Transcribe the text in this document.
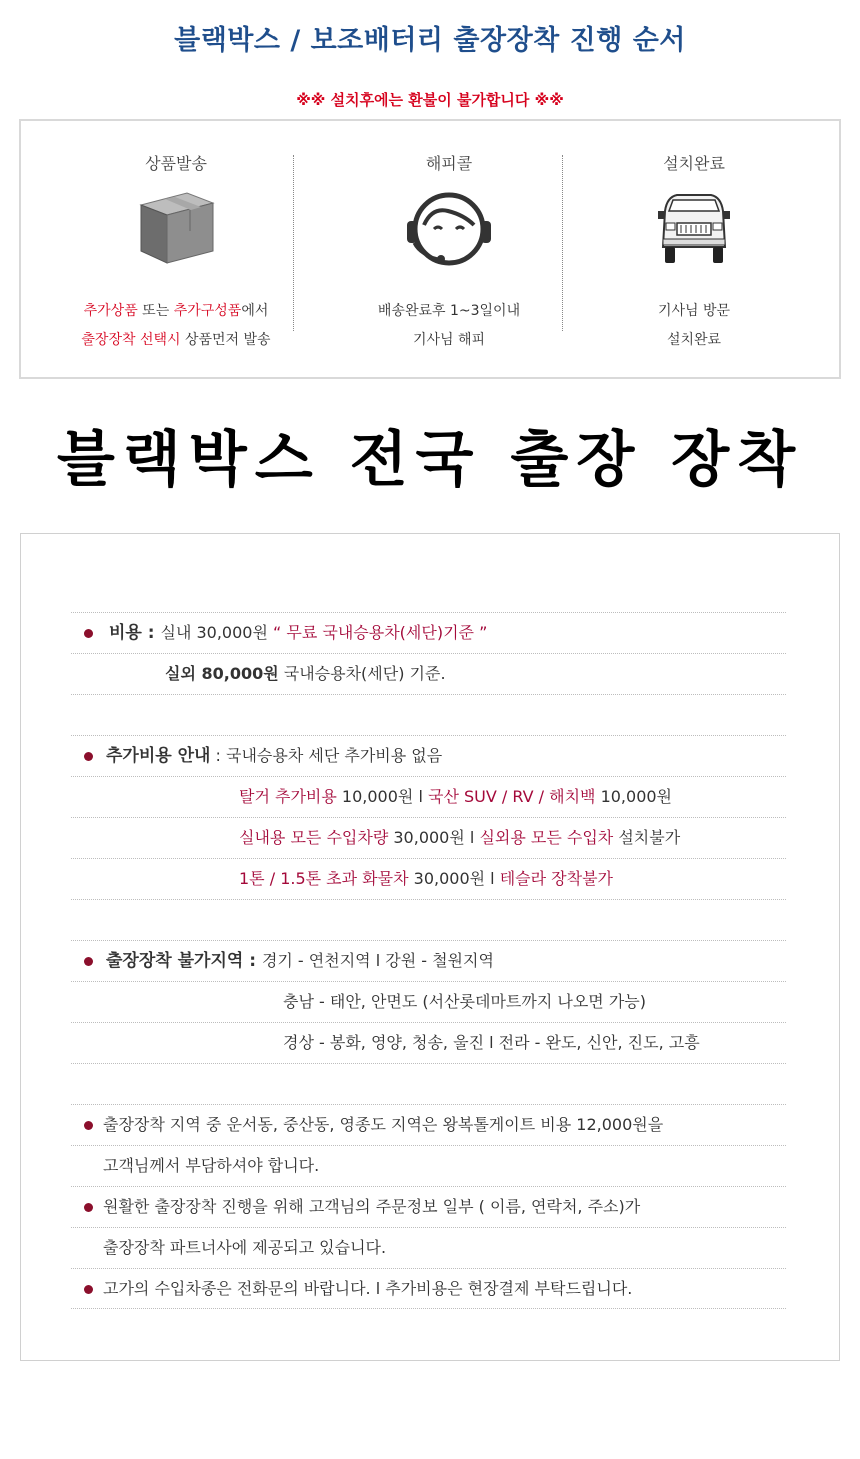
블랙박스 / 보조배터리 출장장착 진행 순서
※※ 설치후에는 환불이 불가합니다 ※※
상품발송
추가상품 또는 추가구성품에서
출장장착 선택시 상품먼저 발송
해피콜
배송완료후 1~3일이내
기사님 해피
설치완료
기사님 방문
설치완료
블랙박스 전국 출장 장착
비용 : 실내 30,000원 “ 무료 국내승용차(세단)기준 ”
실외 80,000원 국내승용차(세단) 기준.
추가비용 안내 : 국내승용차 세단 추가비용 없음
탈거 추가비용 10,000원 l 국산 SUV / RV / 해치백 10,000원
실내용 모든 수입차량 30,000원 l 실외용 모든 수입차 설치불가
1톤 / 1.5톤 초과 화물차 30,000원 l 테슬라 장착불가
출장장착 불가지역 : 경기 - 연천지역 l 강원 - 철원지역
충남 - 태안, 안면도 (서산롯데마트까지 나오면 가능)
경상 - 봉화, 영양, 청송, 울진 l 전라 - 완도, 신안, 진도, 고흥
출장장착 지역 중 운서동, 중산동, 영종도 지역은 왕복톨게이트 비용 12,000원을
고객님께서 부담하셔야 합니다.
원활한 출장장착 진행을 위해 고객님의 주문정보 일부 ( 이름, 연락처, 주소)가
출장장착 파트너사에 제공되고 있습니다.
고가의 수입차종은 전화문의 바랍니다. l 추가비용은 현장결제 부탁드립니다.
